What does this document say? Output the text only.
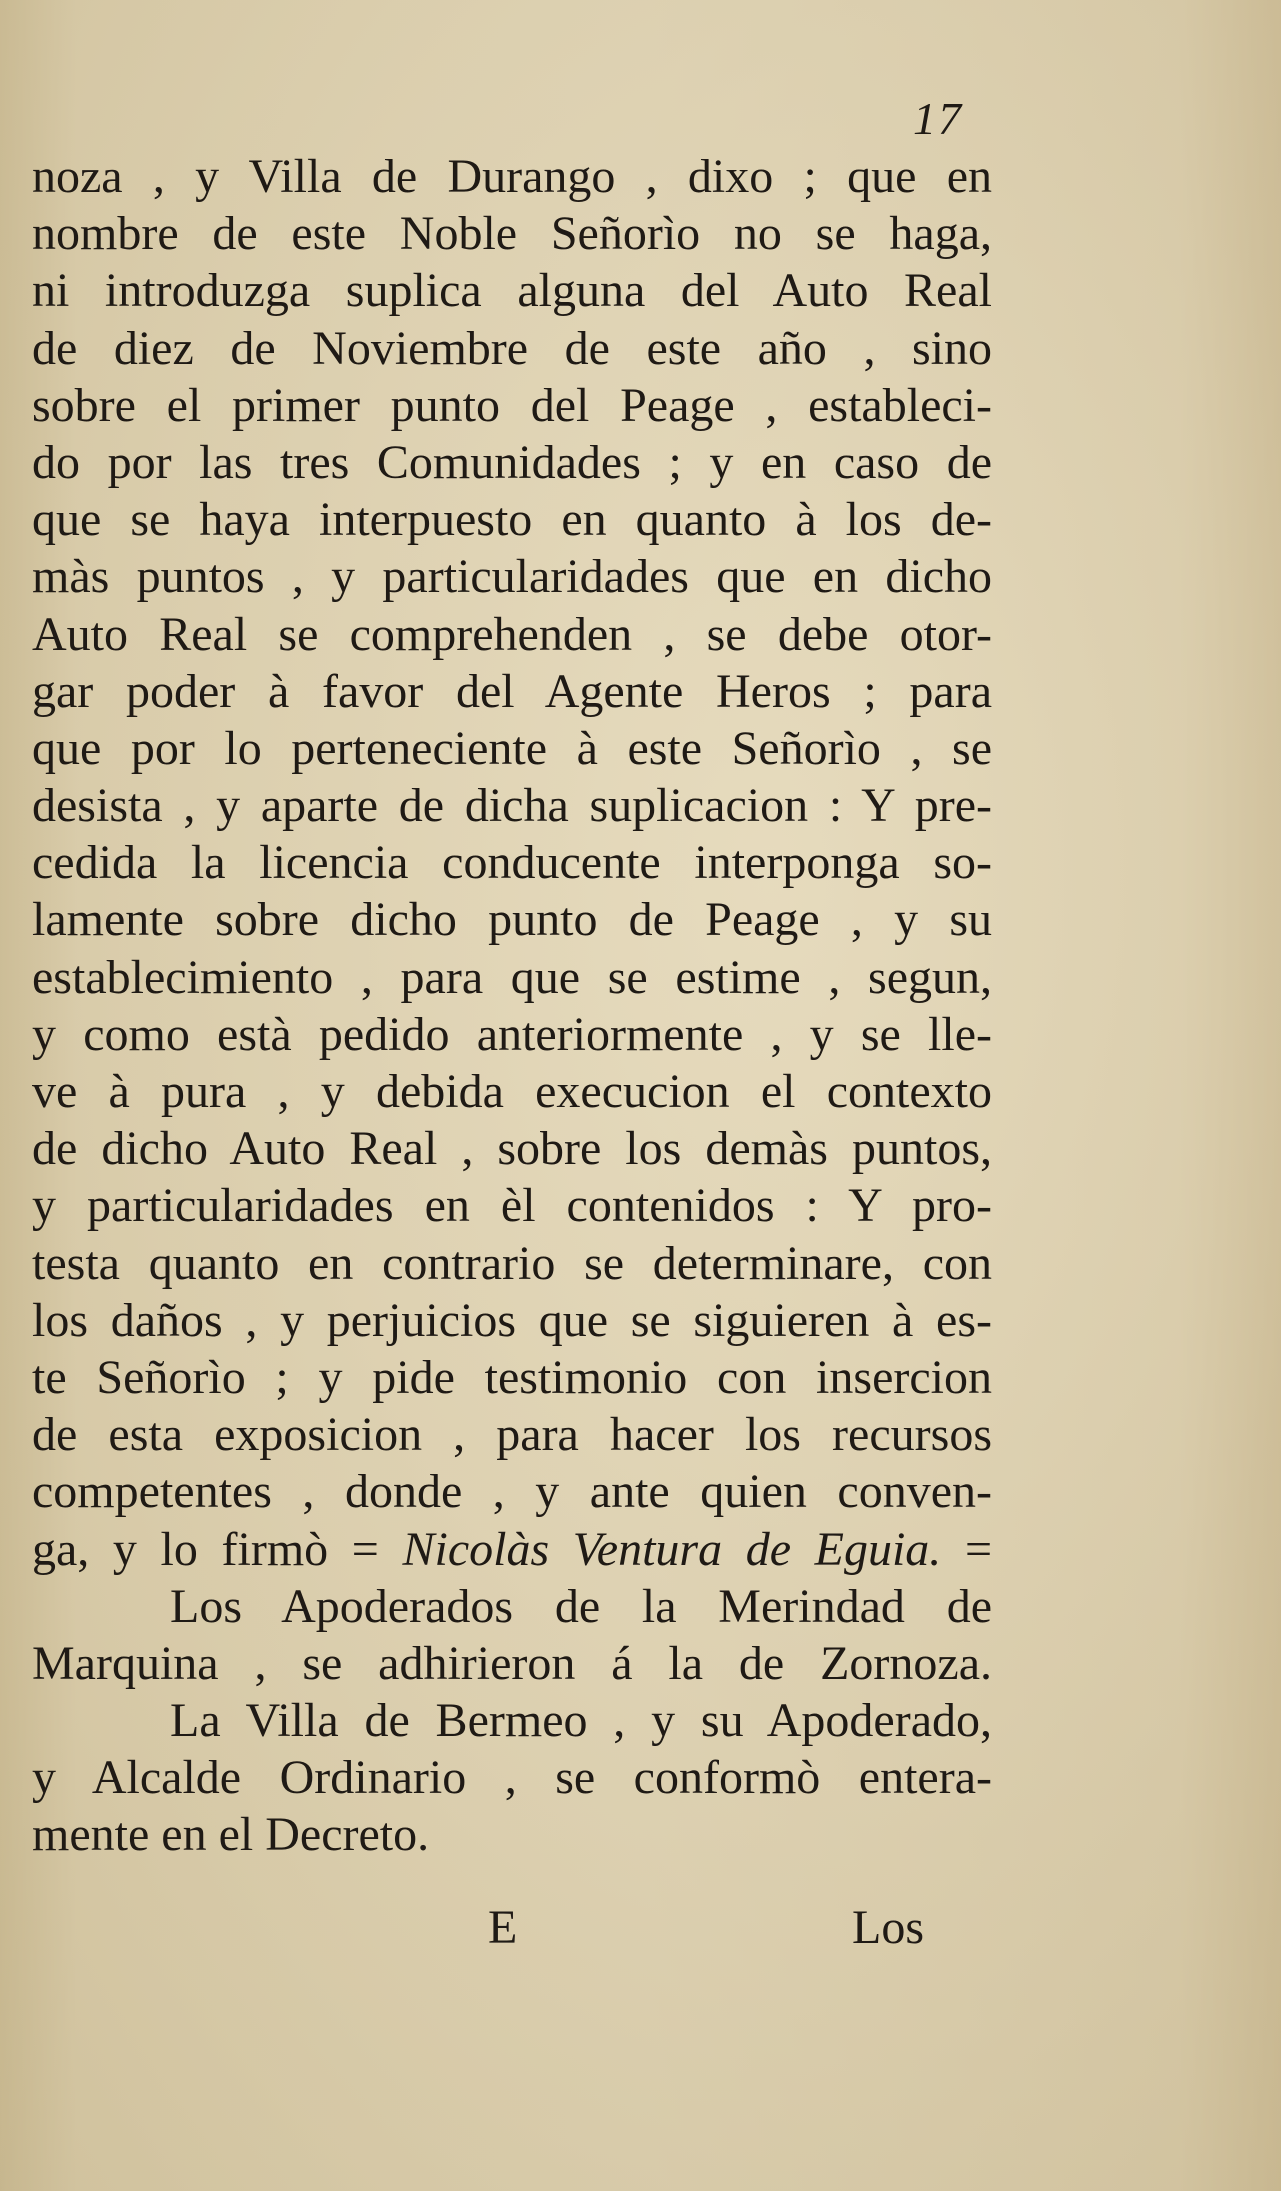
17
noza , y Villa de Durango , dixo ; que en
nombre de este Noble Señorìo no se haga,
ni introduzga suplica alguna del Auto Real
de diez de Noviembre de este año , sino
sobre el primer punto del Peage , estableci-
do por las tres Comunidades ; y en caso de
que se haya interpuesto en quanto à los de-
màs puntos , y particularidades que en dicho
Auto Real se comprehenden , se debe otor-
gar poder à favor del Agente Heros ; para
que por lo perteneciente à este Señorìo , se
desista , y aparte de dicha suplicacion : Y pre-
cedida la licencia conducente interponga so-
lamente sobre dicho punto de Peage , y su
establecimiento , para que se estime , segun,
y como està pedido anteriormente , y se lle-
ve à pura , y debida execucion el contexto
de dicho Auto Real , sobre los demàs puntos,
y particularidades en èl contenidos : Y pro-
testa quanto en contrario se determinare, con
los daños , y perjuicios que se siguieren à es-
te Señorìo ; y pide testimonio con insercion
de esta exposicion , para hacer los recursos
competentes , donde , y ante quien conven-
ga, y lo firmò = Nicolàs Ventura de Eguia. =
Los Apoderados de la Merindad de
Marquina , se adhirieron á la de Zornoza.
La Villa de Bermeo , y su Apoderado,
y Alcalde Ordinario , se conformò entera-
mente en el Decreto.
E	Los
